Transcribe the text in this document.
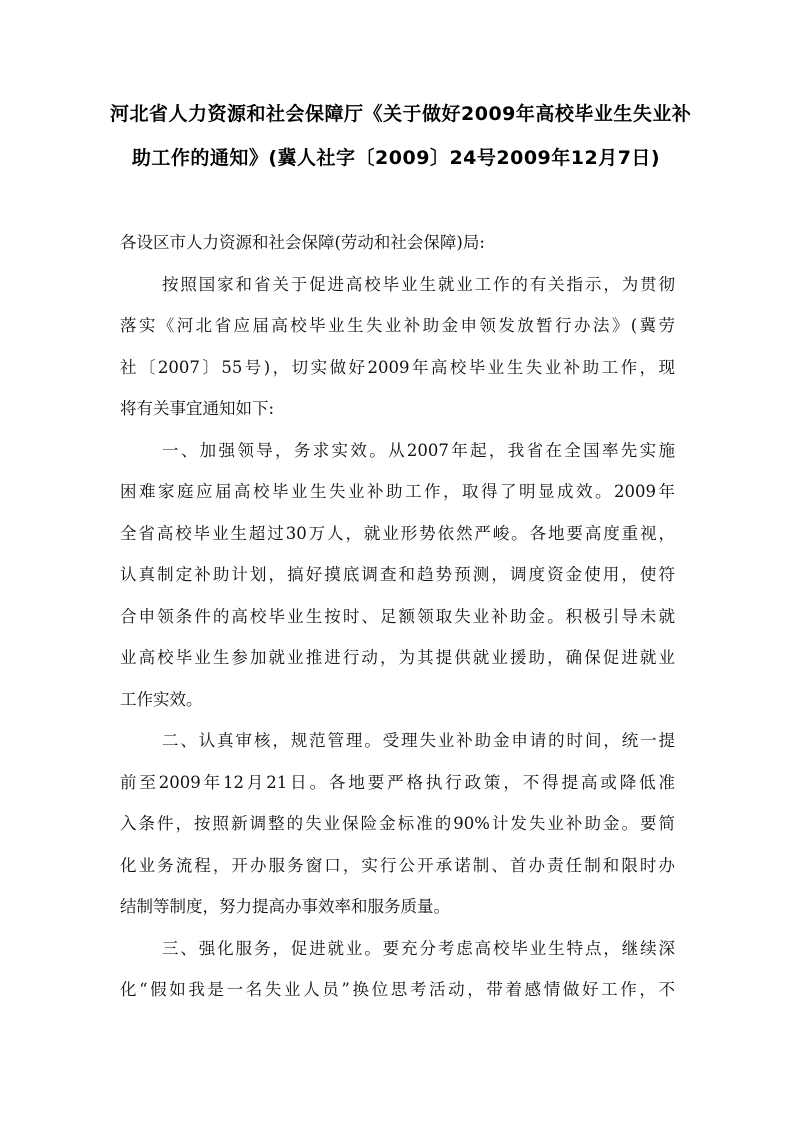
河北省人力资源和社会保障厅《关于做好2009年高校毕业生失业补
助工作的通知》(冀人社字〔2009〕24号2009年12月7日)
各设区市人力资源和社会保障(劳动和社会保障)局:
按照国家和省关于促进高校毕业生就业工作的有关指示，为贯彻
落实《河北省应届高校毕业生失业补助金申领发放暂行办法》(冀劳
社〔2007〕55号)，切实做好2009年高校毕业生失业补助工作，现
将有关事宜通知如下:
一、加强领导，务求实效。从2007年起，我省在全国率先实施
困难家庭应届高校毕业生失业补助工作，取得了明显成效。2009年
全省高校毕业生超过30万人，就业形势依然严峻。各地要高度重视，
认真制定补助计划，搞好摸底调查和趋势预测，调度资金使用，使符
合申领条件的高校毕业生按时、足额领取失业补助金。积极引导未就
业高校毕业生参加就业推进行动，为其提供就业援助，确保促进就业
工作实效。
二、认真审核，规范管理。受理失业补助金申请的时间，统一提
前至2009年12月21日。各地要严格执行政策，不得提高或降低准
入条件，按照新调整的失业保险金标准的90%计发失业补助金。要简
化业务流程，开办服务窗口，实行公开承诺制、首办责任制和限时办
结制等制度，努力提高办事效率和服务质量。
三、强化服务，促进就业。要充分考虑高校毕业生特点，继续深
化“假如我是一名失业人员”换位思考活动，带着感情做好工作，不
